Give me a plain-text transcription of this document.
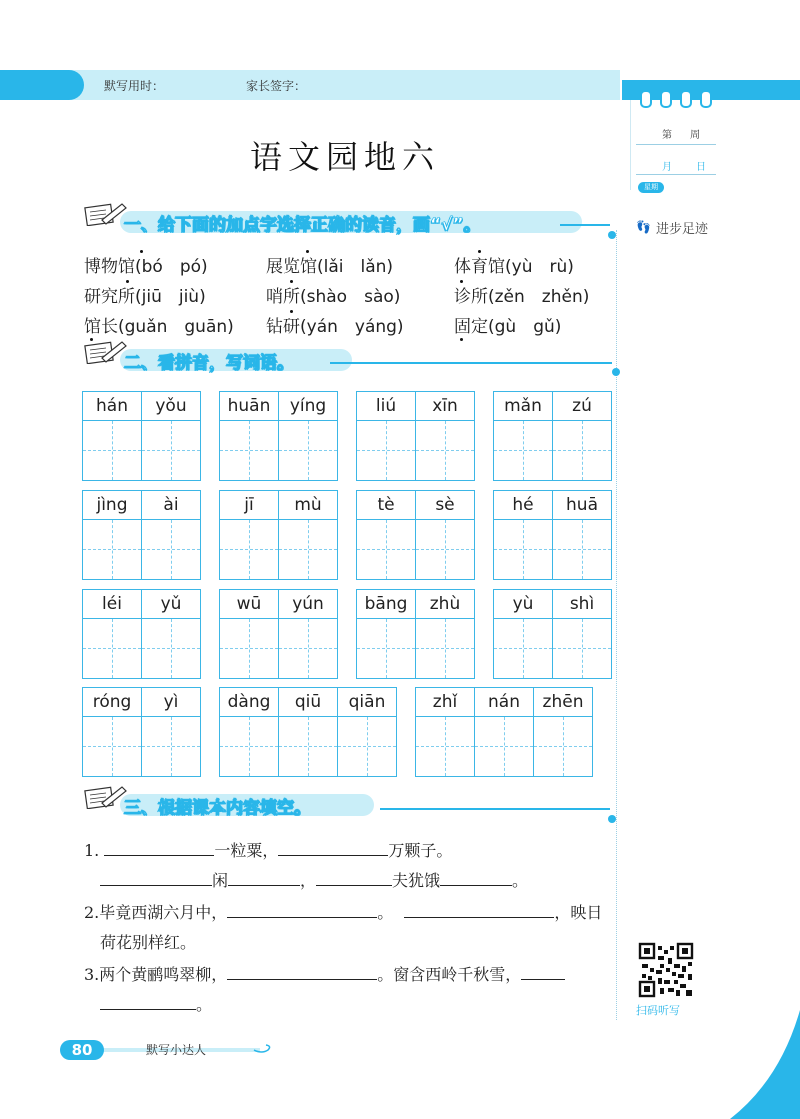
默写用时：	家长签字：
第 周
月 日
星期
👣 进步足迹
语文园地六
一、给下面的加点字选择正确的读音，画“√”。
博物馆(bó　pó)	展览馆(lǎi　lǎn)	体育馆(yù　rù)
研究所(jiū　jiù)	哨所(shào　sào)	诊所(zěn　zhěn)
馆长(guǎn　guān) 钻研(yán　yáng)	固定(gù　gǔ)
二、看拼音，写词语。
hán	yǒu	huān	yíng	liú	xīn	mǎn	zú
jìng	ài	jī	mù	tè	sè	hé	huā
léi	yǔ	wū	yún	bāng	zhù	yù	shì
róng	yì	dàng	qiū	qiān	zhǐ	nán	zhēn
三、根据课本内容填空。
1.	一粒粟，	万颗子。
闲	，	夫犹饿	。
2.毕竟西湖六月中，	。	，映日
荷花别样红。
3.两个黄鹂鸣翠柳，	。窗含西岭千秋雪，
。	扫码听写
80	默写小达人
